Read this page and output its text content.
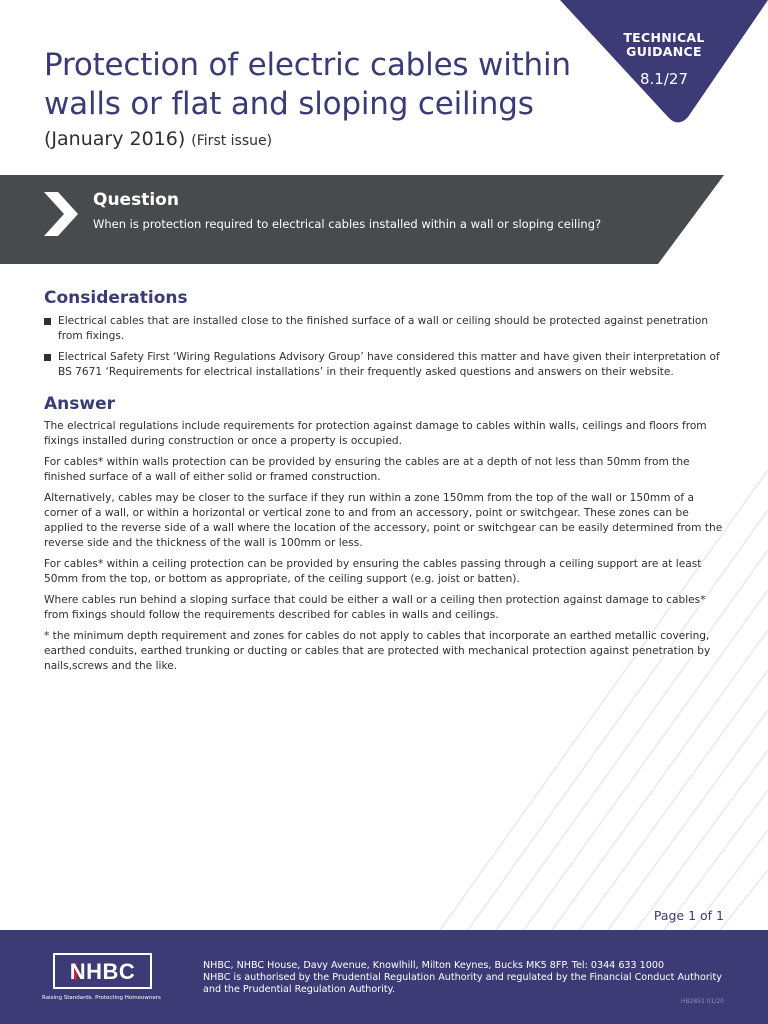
TECHNICAL
GUIDANCE
8.1/27
Protection of electric cables within walls or flat and sloping ceilings
(January 2016) (First issue)
Question
When is protection required to electrical cables installed within a wall or sloping ceiling?
Considerations
Electrical cables that are installed close to the finished surface of a wall or ceiling should be protected against penetration from fixings.
Electrical Safety First ‘Wiring Regulations Advisory Group’ have considered this matter and have given their interpretation of BS 7671 ‘Requirements for electrical installations’ in their frequently asked questions and answers on their website.
Answer

The electrical regulations include requirements for protection against damage to cables within walls, ceilings and floors from fixings installed during construction or once a property is occupied.

For cables* within walls protection can be provided by ensuring the cables are at a depth of not less than 50mm from the finished surface of a wall of either solid or framed construction.

Alternatively, cables may be closer to the surface if they run within a zone 150mm from the top of the wall or 150mm of a corner of a wall, or within a horizontal or vertical zone to and from an accessory, point or switchgear. These zones can be applied to the reverse side of a wall where the location of the accessory, point or switchgear can be easily determined from the reverse side and the thickness of the wall is 100mm or less.

For cables* within a ceiling protection can be provided by ensuring the cables passing through a ceiling support are at least 50mm from the top, or bottom as appropriate, of the ceiling support (e.g. joist or batten).

Where cables run behind a sloping surface that could be either a wall or a ceiling then protection against damage to cables* from fixings should follow the requirements described for cables in walls and ceilings.

* the minimum depth requirement and zones for cables do not apply to cables that incorporate an earthed metallic covering, earthed conduits, earthed trunking or ducting or cables that are protected with mechanical protection against penetration by nails,screws and the like.

Page 1 of 1
NHBC
Raising Standards. Protecting Homeowners
NHBC, NHBC House, Davy Avenue, Knowlhill, Milton Keynes, Bucks MK5 8FP. Tel: 0344 633 1000
NHBC is authorised by the Prudential Regulation Authority and regulated by the Financial Conduct Authority and the Prudential Regulation Authority.
HB2851 01/20
